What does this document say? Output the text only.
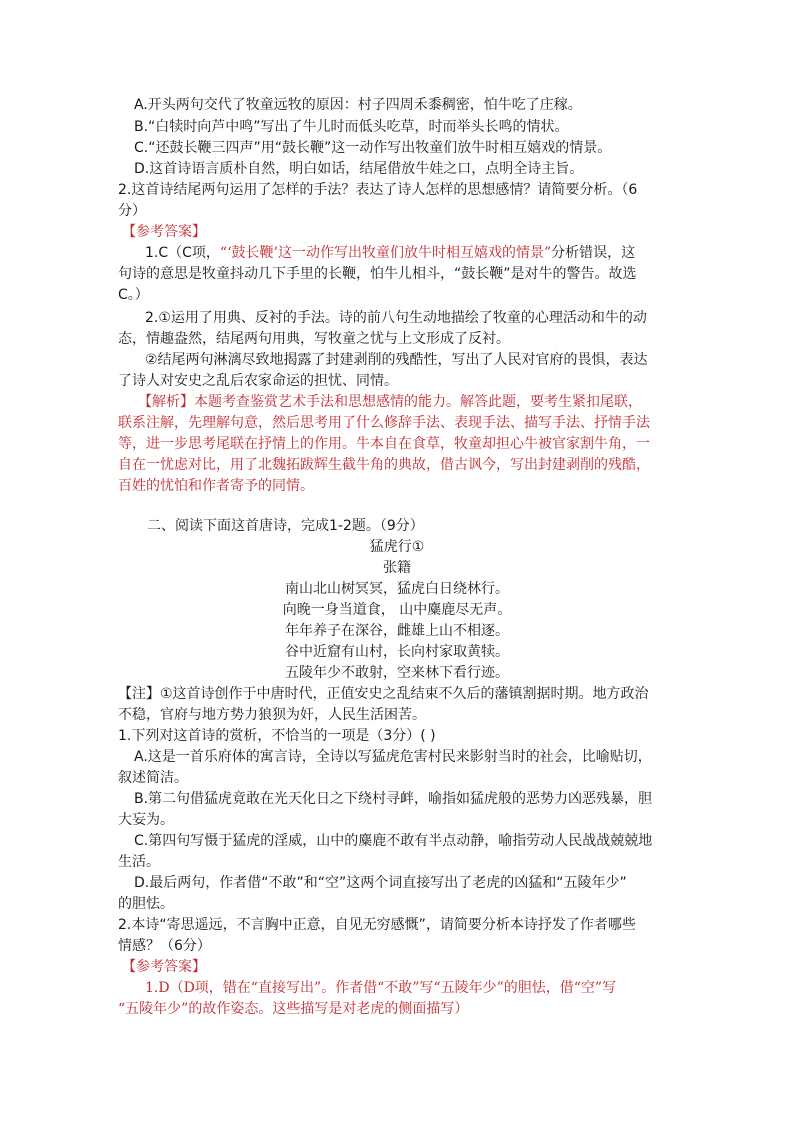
A.开头两句交代了牧童远牧的原因：村子四周禾黍稠密，怕牛吃了庄稼。
B.“白犊时向芦中鸣”写出了牛儿时而低头吃草，时而举头长鸣的情状。
C.“还鼓长鞭三四声”用“鼓长鞭”这一动作写出牧童们放牛时相互嬉戏的情景。
D.这首诗语言质朴自然，明白如话，结尾借放牛娃之口，点明全诗主旨。
2.这首诗结尾两句运用了怎样的手法？表达了诗人怎样的思想感情？请简要分析。（6
分）
【参考答案】
1.C（C项，“‘鼓长鞭’这一动作写出牧童们放牛时相互嬉戏的情景”分析错误，这
句诗的意思是牧童抖动几下手里的长鞭，怕牛儿相斗，“鼓长鞭”是对牛的警告。故选
C。）
2.①运用了用典、反衬的手法。诗的前八句生动地描绘了牧童的心理活动和牛的动
态，情趣盎然，结尾两句用典，写牧童之忧与上文形成了反衬。
②结尾两句淋漓尽致地揭露了封建剥削的残酷性，写出了人民对官府的畏惧，表达
了诗人对安史之乱后农家命运的担忧、同情。
【解析】本题考查鉴赏艺术手法和思想感情的能力。解答此题，要考生紧扣尾联，
联系注解，先理解句意，然后思考用了什么修辞手法、表现手法、描写手法、抒情手法
等，进一步思考尾联在抒情上的作用。牛本自在食草，牧童却担心牛被官家割牛角，一
自在一忧虑对比，用了北魏拓跋辉生截牛角的典故，借古讽今，写出封建剥削的残酷，
百姓的忧怕和作者寄予的同情。
二、阅读下面这首唐诗，完成1-2题。（9分）
猛虎行①
张籍
南山北山树冥冥，猛虎白日绕林行。
向晚一身当道食， 山中麋鹿尽无声。
年年养子在深谷，雌雄上山不相逐。
谷中近窟有山村，长向村家取黄犊。
五陵年少不敢射，空来林下看行迹。
【注】①这首诗创作于中唐时代，正值安史之乱结束不久后的藩镇割据时期。地方政治
不稳，官府与地方势力狼狈为奸，人民生活困苦。
1.下列对这首诗的赏析，不恰当的一项是（3分）( )
A.这是一首乐府体的寓言诗，全诗以写猛虎危害村民来影射当时的社会，比喻贴切，
叙述简洁。
B.第二句借猛虎竟敢在光天化日之下绕村寻衅，喻指如猛虎般的恶势力凶恶残暴，胆
大妄为。
C.第四句写慑于猛虎的淫威，山中的麋鹿不敢有半点动静，喻指劳动人民战战兢兢地
生活。
D.最后两句，作者借“不敢”和“空”这两个词直接写出了老虎的凶猛和“五陵年少”
的胆怯。
2.本诗“寄思遥远，不言胸中正意，自见无穷感慨”，请简要分析本诗抒发了作者哪些
情感？（6分）
【参考答案】
1.D（D项，错在“直接写出”。作者借“不敢”写“五陵年少”的胆怯，借“空”写
“五陵年少”的故作姿态。这些描写是对老虎的侧面描写）
